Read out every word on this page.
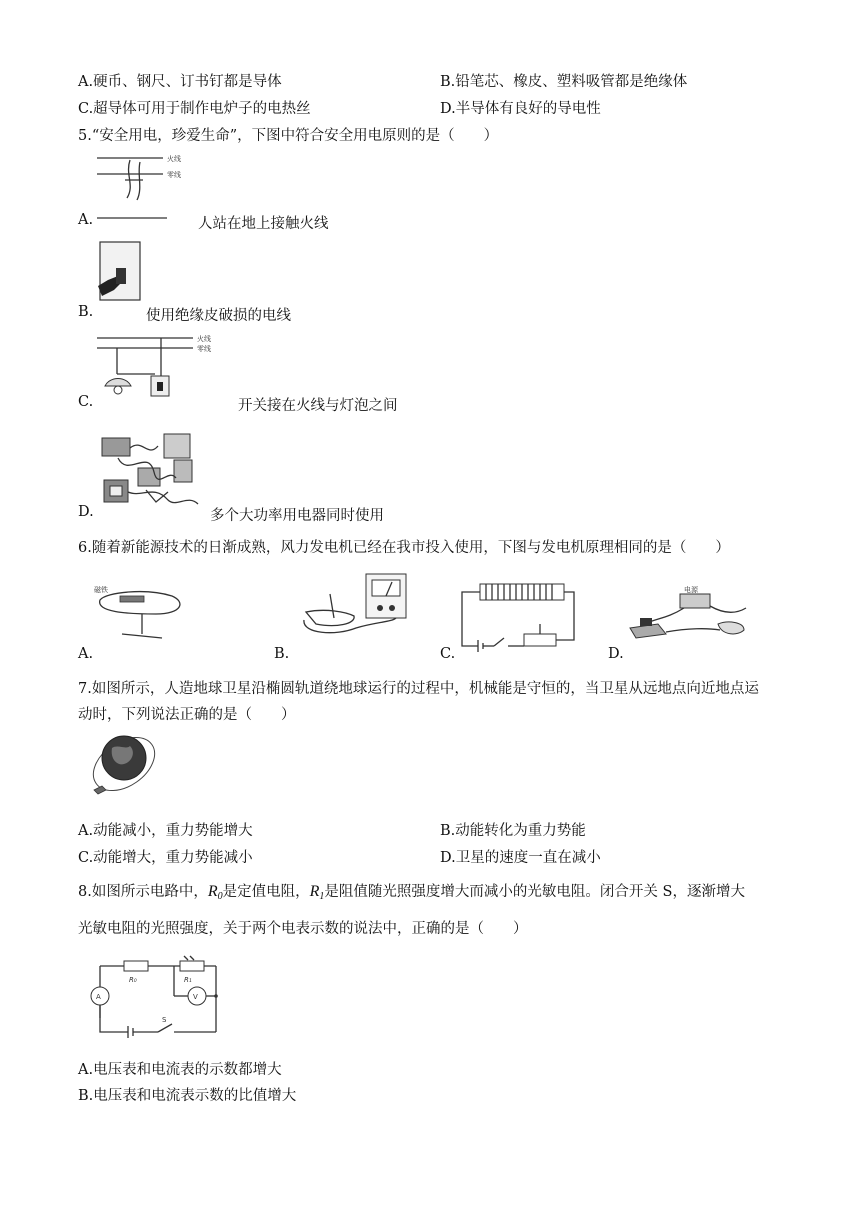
A.硬币、钢尺、订书钉都是导体	B.铅笔芯、橡皮、塑料吸管都是绝缘体
C.超导体可用于制作电炉子的电热丝	D.半导体有良好的导电性
5.“安全用电，珍爱生命”，下图中符合安全用电原则的是（　　）
火线
零线
A.	人站在地上接触火线
B.	使用绝缘皮破损的电线
火线
零线
C.	开关接在火线与灯泡之间
D.	多个大功率用电器同时使用
6.随着新能源技术的日渐成熟，风力发电机已经在我市投入使用，下图与发电机原理相同的是（　　）
磁铁
A.	B.	C.
电源
D.
7.如图所示，人造地球卫星沿椭圆轨道绕地球运行的过程中，机械能是守恒的，当卫星从远地点向近地点运
动时，下列说法正确的是（　　）
A.动能减小，重力势能增大	B.动能转化为重力势能
C.动能增大，重力势能减小	D.卫星的速度一直在减小
8.如图所示电路中，$R_0$是定值电阻，$R_1$是阻值随光照强度增大而减小的光敏电阻。闭合开关 S，逐渐增大
光敏电阻的光照强度，关于两个电表示数的说法中，正确的是（　　）
R₀	R₁
V
A
S
A.电压表和电流表的示数都增大
B.电压表和电流表示数的比值增大
